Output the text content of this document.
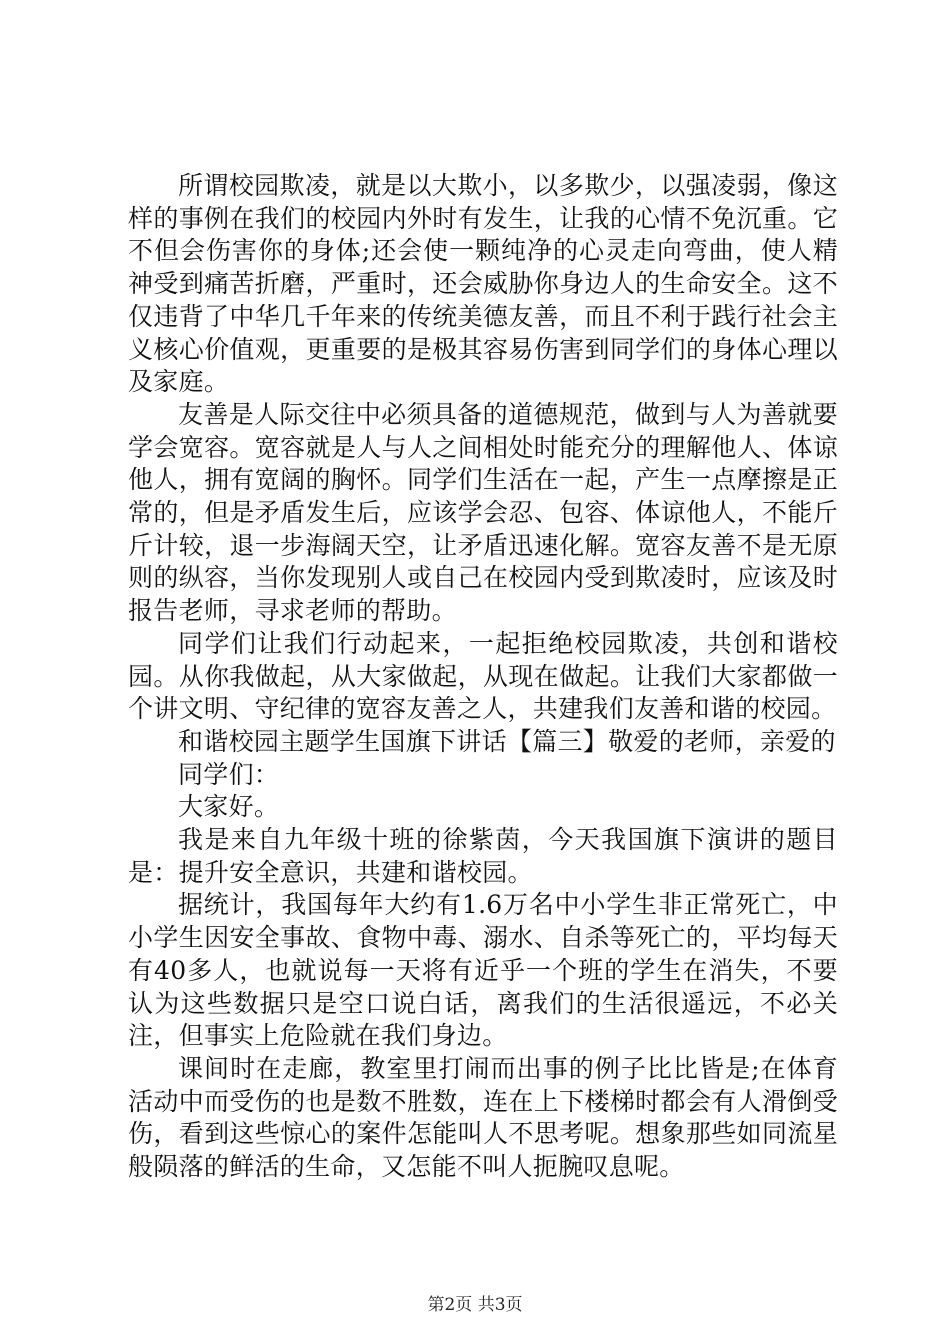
所谓校园欺凌，就是以大欺小，以多欺少，以强凌弱，像这样的事例在我们的校园内外时有发生，让我的心情不免沉重。它不但会伤害你的身体;还会使一颗纯净的心灵走向弯曲，使人精神受到痛苦折磨，严重时，还会威胁你身边人的生命安全。这不仅违背了中华几千年来的传统美德友善，而且不利于践行社会主义核心价值观，更重要的是极其容易伤害到同学们的身体心理以及家庭。

友善是人际交往中必须具备的道德规范，做到与人为善就要学会宽容。宽容就是人与人之间相处时能充分的理解他人、体谅他人，拥有宽阔的胸怀。同学们生活在一起，产生一点摩擦是正常的，但是矛盾发生后，应该学会忍、包容、体谅他人，不能斤斤计较，退一步海阔天空，让矛盾迅速化解。宽容友善不是无原则的纵容，当你发现别人或自己在校园内受到欺凌时，应该及时报告老师，寻求老师的帮助。

同学们让我们行动起来，一起拒绝校园欺凌，共创和谐校园。从你我做起，从大家做起，从现在做起。让我们大家都做一个讲文明、守纪律的宽容友善之人，共建我们友善和谐的校园。

和谐校园主题学生国旗下讲话【篇三】敬爱的老师，亲爱的

同学们：

大家好。

我是来自九年级十班的徐紫茵，今天我国旗下演讲的题目是：提升安全意识，共建和谐校园。

据统计，我国每年大约有1.6万名中小学生非正常死亡，中小学生因安全事故、食物中毒、溺水、自杀等死亡的，平均每天有40多人，也就说每一天将有近乎一个班的学生在消失，不要认为这些数据只是空口说白话，离我们的生活很遥远，不必关注，但事实上危险就在我们身边。

课间时在走廊，教室里打闹而出事的例子比比皆是;在体育活动中而受伤的也是数不胜数，连在上下楼梯时都会有人滑倒受伤，看到这些惊心的案件怎能叫人不思考呢。想象那些如同流星般陨落的鲜活的生命，又怎能不叫人扼腕叹息呢。

第2页 共3页
